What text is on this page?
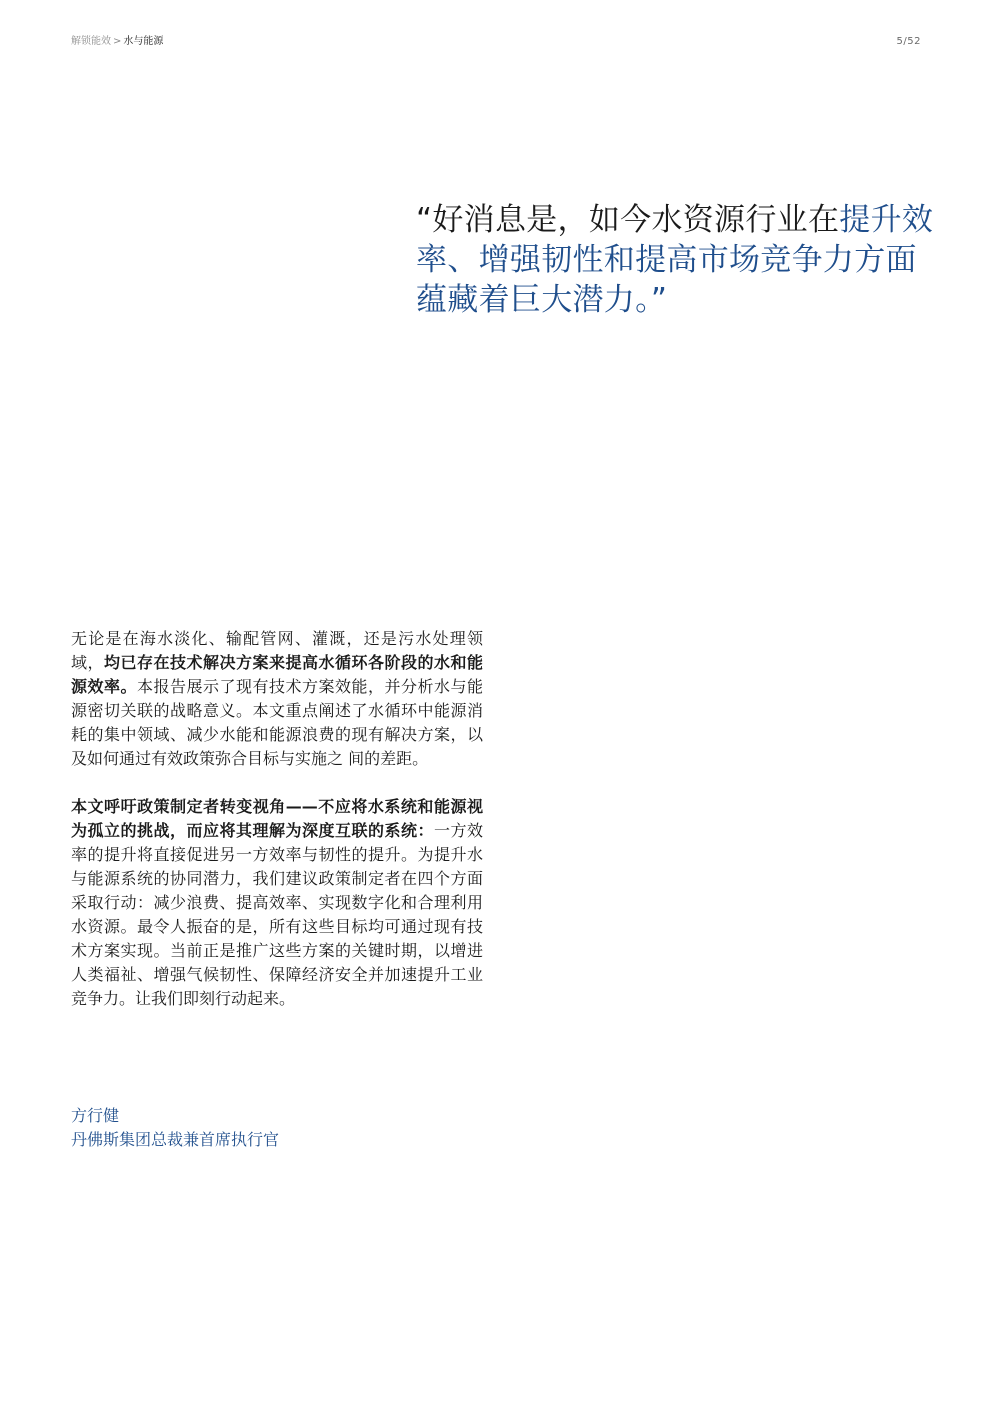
解锁能效 > 水与能源	5/52
“好消息是，如今水资源行业在提升效率、增强韧性和提高市场竞争力方面蕴藏着巨大潜力。”

无论是在海水淡化、输配管网、灌溉，还是污水处理领域，均已存在技术解决方案来提高水循环各阶段的水和能源效率。本报告展示了现有技术方案效能，并分析水与能源密切关联的战略意义。本文重点阐述了水循环中能源消耗的集中领域、减少水能和能源浪费的现有解决方案，以及如何通过有效政策弥合目标与实施之 间的差距。

本文呼吁政策制定者转变视角——不应将水系统和能源视为孤立的挑战，而应将其理解为深度互联的系统：一方效率的提升将直接促进另一方效率与韧性的提升。为提升水与能源系统的协同潜力，我们建议政策制定者在四个方面采取行动：减少浪费、提高效率、实现数字化和合理利用水资源。最令人振奋的是，所有这些目标均可通过现有技术方案实现。当前正是推广这些方案的关键时期，以增进人类福祉、增强气候韧性、保障经济安全并加速提升工业竞争力。让我们即刻行动起来。

方行健
丹佛斯集团总裁兼首席执行官
